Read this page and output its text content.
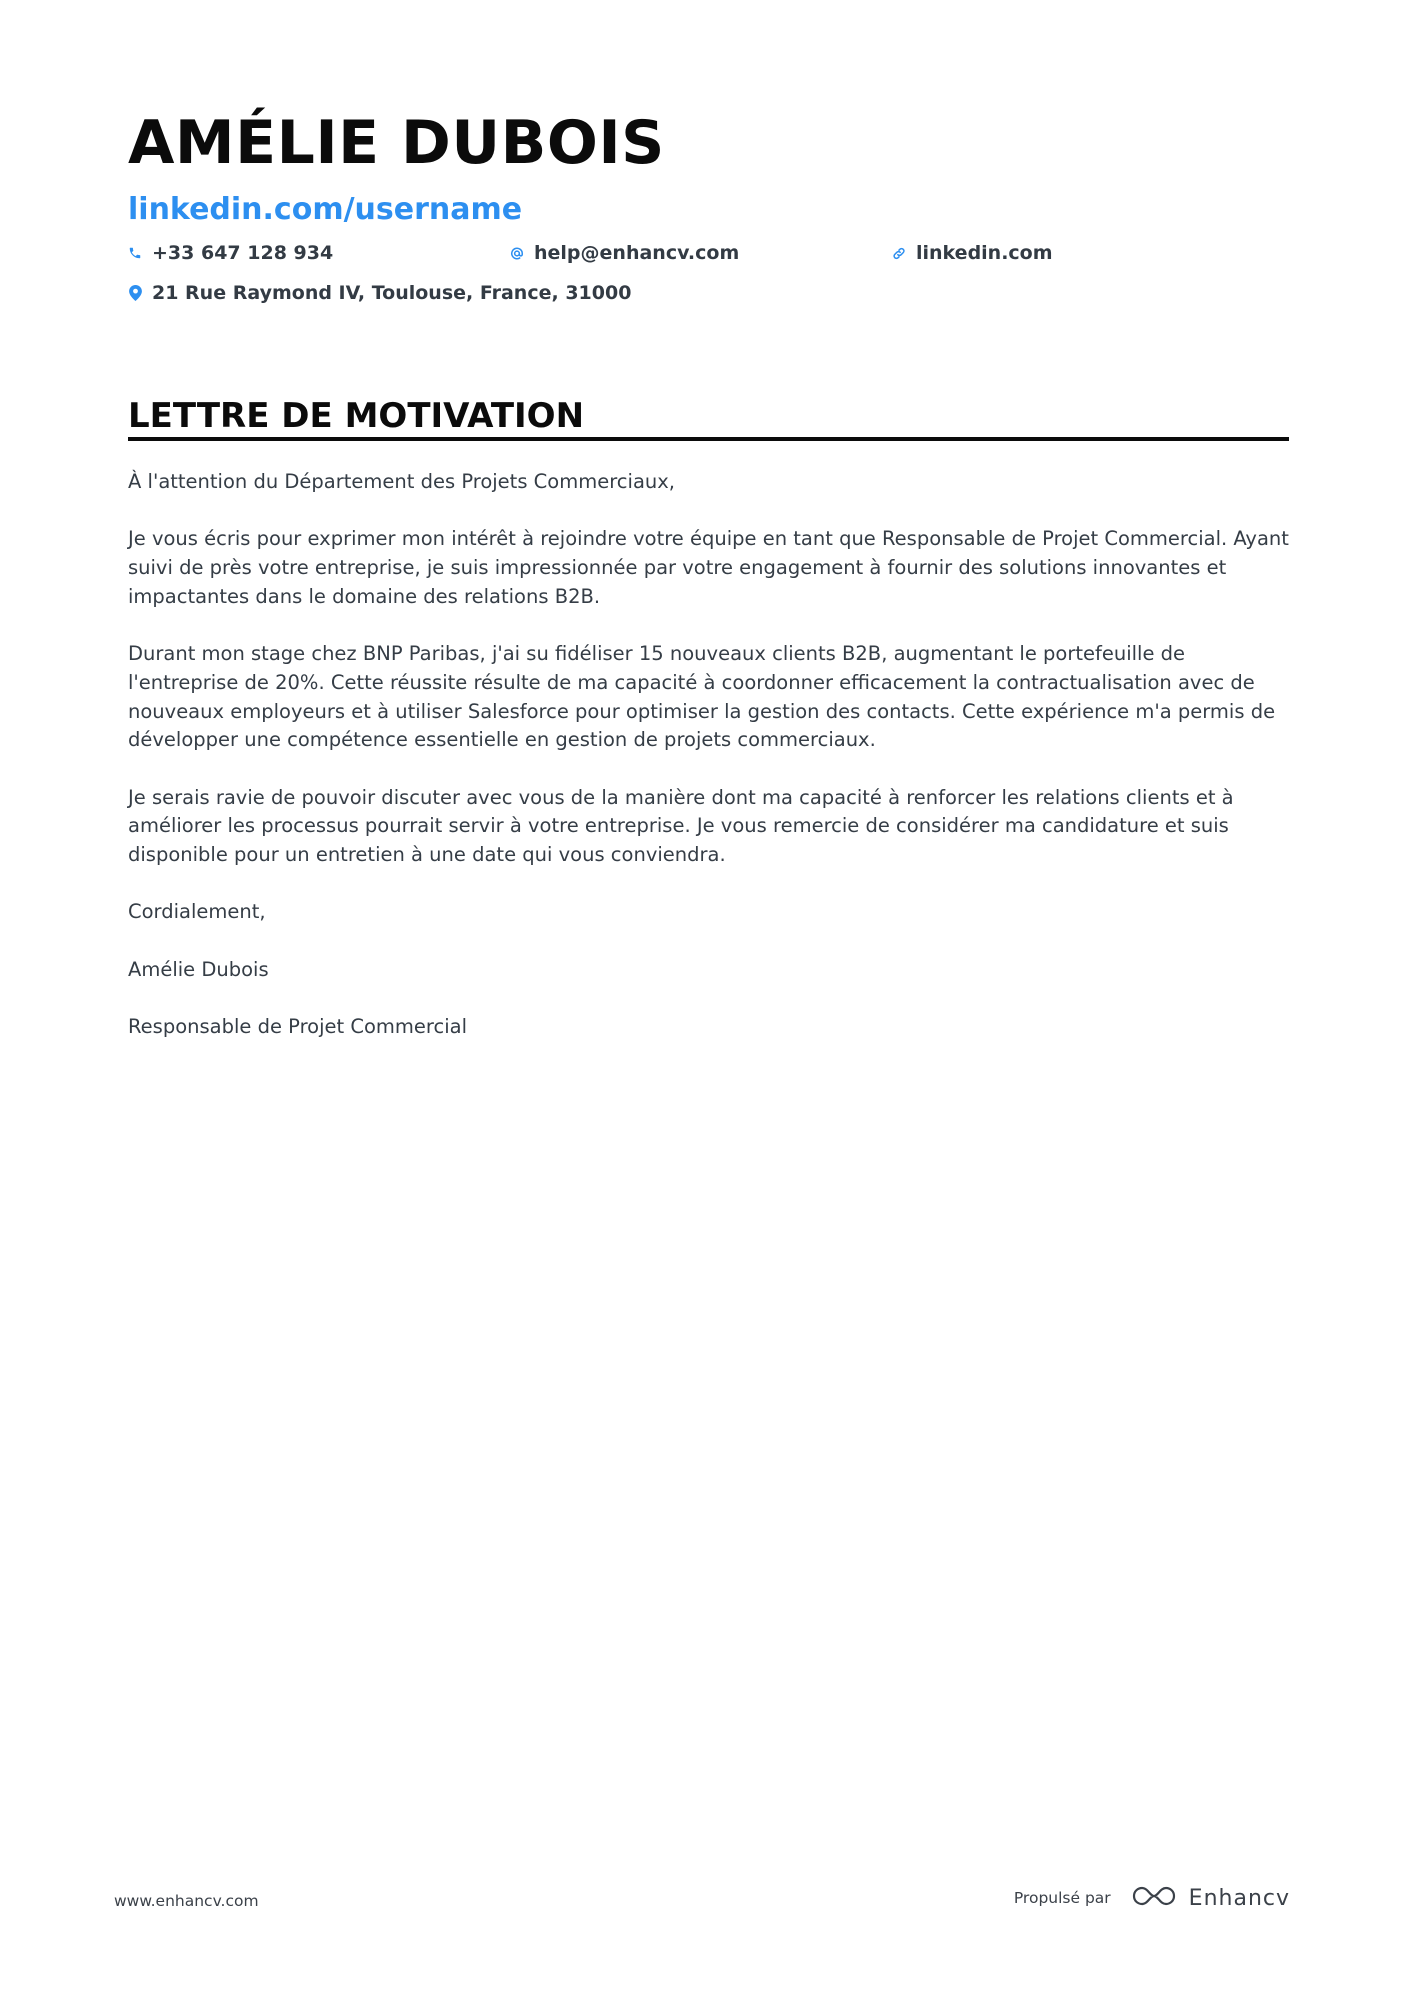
AMÉLIE DUBOIS
linkedin.com/username
+33 647 128 934	help@enhancv.com	linkedin.com
21 Rue Raymond IV, Toulouse, France, 31000
LETTRE DE MOTIVATION

À l'attention du Département des Projets Commerciaux,

Je vous écris pour exprimer mon intérêt à rejoindre votre équipe en tant que Responsable de Projet Commercial. Ayant suivi de près votre entreprise, je suis impressionnée par votre engagement à fournir des solutions innovantes et impactantes dans le domaine des relations B2B.

Durant mon stage chez BNP Paribas, j'ai su fidéliser 15 nouveaux clients B2B, augmentant le portefeuille de l'entreprise de 20%. Cette réussite résulte de ma capacité à coordonner efficacement la contractualisation avec de nouveaux employeurs et à utiliser Salesforce pour optimiser la gestion des contacts. Cette expérience m'a permis de développer une compétence essentielle en gestion de projets commerciaux.

Je serais ravie de pouvoir discuter avec vous de la manière dont ma capacité à renforcer les relations clients et à améliorer les processus pourrait servir à votre entreprise. Je vous remercie de considérer ma candidature et suis disponible pour un entretien à une date qui vous conviendra.

Cordialement,

Amélie Dubois

Responsable de Projet Commercial

www.enhancv.com	Propulsé par	Enhancv
